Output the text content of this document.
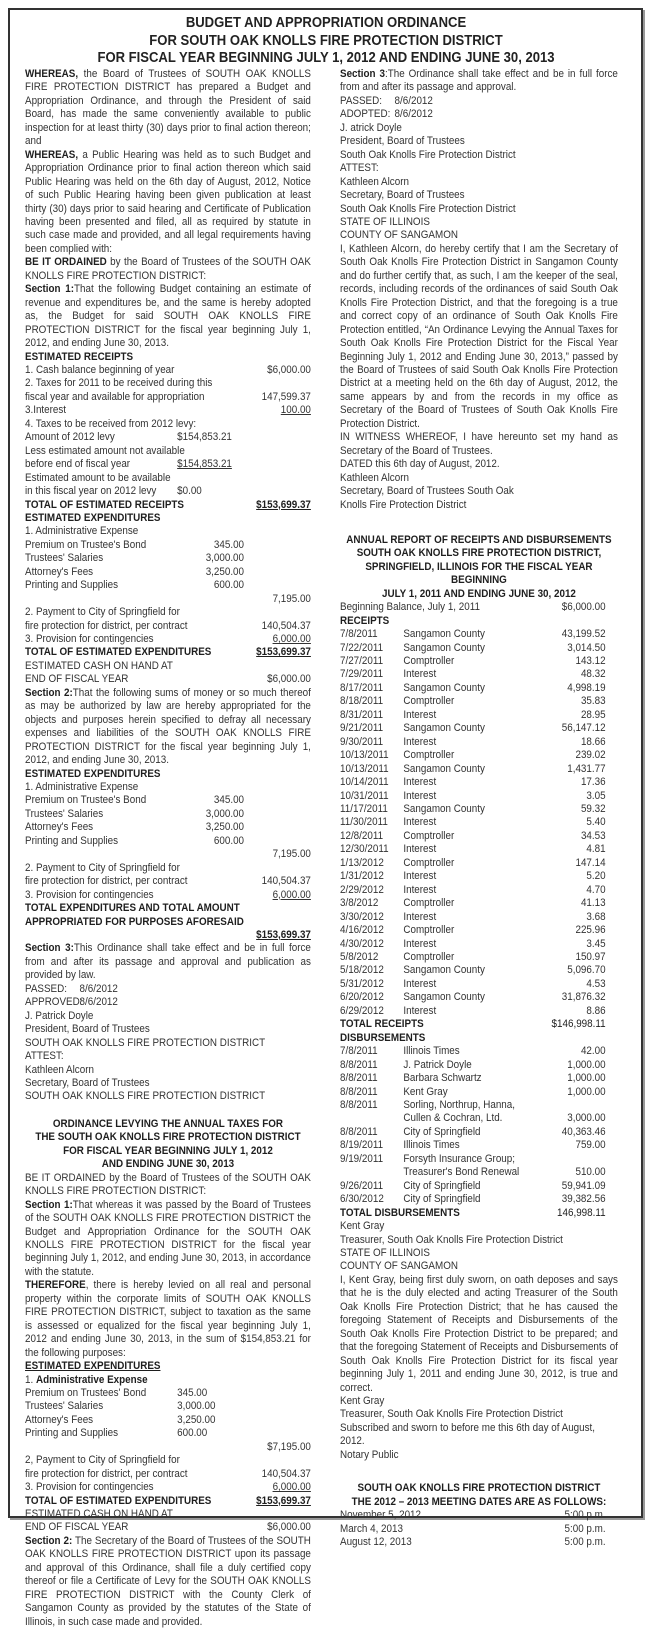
BUDGET AND APPROPRIATION ORDINANCE
FOR SOUTH OAK KNOLLS FIRE PROTECTION DISTRICT
FOR FISCAL YEAR BEGINNING JULY 1, 2012 AND ENDING JUNE 30, 2013

WHEREAS, the Board of Trustees of SOUTH OAK KNOLLS FIRE PROTECTION DISTRICT has prepared a Budget and Appropriation Ordinance, and through the President of said Board, has made the same conveniently available to public inspection for at least thirty (30) days prior to final action thereon; and

WHEREAS, a Public Hearing was held as to such Budget and Appropriation Ordinance prior to final action thereon which said Public Hearing was held on the 6th day of August, 2012, Notice of such Public Hearing having been given publication at least thirty (30) days prior to said hearing and Certificate of Publication having been presented and filed, all as required by statute in such case made and provided, and all legal requirements having been complied with:

BE IT ORDAINED by the Board of Trustees of the SOUTH OAK KNOLLS FIRE PROTECTION DISTRICT:

Section 1:That the following Budget containing an estimate of revenue and expenditures be, and the same is hereby adopted as, the Budget for said SOUTH OAK KNOLLS FIRE PROTECTION DISTRICT for the fiscal year beginning July 1, 2012, and ending June 30, 2013.

ESTIMATED RECEIPTS
1. Cash balance beginning of year	$6,000.00
2. Taxes for 2011 to be received during this
fiscal year and available for appropriation	147,599.37
3.Interest	100.00
4. Taxes to be received from 2012 levy:
Amount of 2012 levy	$154,853.21
Less estimated amount not available
before end of fiscal year	$154,853.21
Estimated amount to be available
in this fiscal year on 2012 levy	$0.00
TOTAL OF ESTIMATED RECEIPTS	$153,699.37
ESTIMATED EXPENDITURES
1. Administrative Expense
Premium on Trustee's Bond	345.00
Trustees' Salaries	3,000.00
Attorney's Fees	3,250.00
Printing and Supplies	600.00
7,195.00
2. Payment to City of Springfield for
fire protection for district, per contract	140,504.37
3. Provision for contingencies	6,000.00
TOTAL OF ESTIMATED EXPENDITURES	$153,699.37
ESTIMATED CASH ON HAND AT
END OF FISCAL YEAR	$6,000.00

Section 2:That the following sums of money or so much thereof as may be authorized by law are hereby appropriated for the objects and purposes herein specified to defray all necessary expenses and liabilities of the SOUTH OAK KNOLLS FIRE PROTECTION DISTRICT for the fiscal year beginning July 1, 2012, and ending June 30, 2013.

ESTIMATED EXPENDITURES
1. Administrative Expense
Premium on Trustee's Bond	345.00
Trustees' Salaries	3,000.00
Attorney's Fees	3,250.00
Printing and Supplies	600.00
7,195.00
2. Payment to City of Springfield for
fire protection for district, per contract	140,504.37
3. Provision for contingencies	6,000.00
TOTAL EXPENDITURES AND TOTAL AMOUNT
APPROPRIATED FOR PURPOSES AFORESAID
$153,699.37

Section 3:This Ordinance shall take effect and be in full force from and after its passage and approval and publication as provided by law.

PASSED:	8/6/2012
APPROVED:
8/6/2012
J. Patrick Doyle
President, Board of Trustees
SOUTH OAK KNOLLS FIRE PROTECTION DISTRICT
ATTEST:
Kathleen Alcorn
Secretary, Board of Trustees
SOUTH OAK KNOLLS FIRE PROTECTION DISTRICT
ORDINANCE LEVYING THE ANNUAL TAXES FOR
THE SOUTH OAK KNOLLS FIRE PROTECTION DISTRICT
FOR FISCAL YEAR BEGINNING JULY 1, 2012
AND ENDING JUNE 30, 2013

BE IT ORDAINED by the Board of Trustees of the SOUTH OAK KNOLLS FIRE PROTECTION DISTRICT:

Section 1:That whereas it was passed by the Board of Trustees of the SOUTH OAK KNOLLS FIRE PROTECTION DISTRICT the Budget and Appropriation Ordinance for the SOUTH OAK KNOLLS FIRE PROTECTION DISTRICT for the fiscal year beginning July 1, 2012, and ending June 30, 2013, in accordance with the statute.

THEREFORE, there is hereby levied on all real and personal property within the corporate limits of SOUTH OAK KNOLLS FIRE PROTECTION DISTRICT, subject to taxation as the same is assessed or equalized for the fiscal year beginning July 1, 2012 and ending June 30, 2013, in the sum of $154,853.21 for the following purposes:

ESTIMATED EXPENDITURES
1. Administrative Expense
Premium on Trustees' Bond	345.00
Trustees' Salaries	3,000.00
Attorney's Fees	3,250.00
Printing and Supplies	600.00
$7,195.00
2, Payment to City of Springfield for
fire protection for district, per contract	140,504.37
3. Provision for contingencies	6,000.00
TOTAL OF ESTIMATED EXPENDITURES	$153,699.37
ESTIMATED CASH ON HAND AT
END OF FISCAL YEAR	$6,000.00

Section 2: The Secretary of the Board of Trustees of the SOUTH OAK KNOLLS FIRE PROTECTION DISTRICT upon its passage and approval of this Ordinance, shall file a duly certified copy thereof or file a Certificate of Levy for the SOUTH OAK KNOLLS FIRE PROTECTION DISTRICT with the County Clerk of Sangamon County as provided by the statutes of the State of Illinois, in such case made and provided.

Section 3:The Ordinance shall take effect and be in full force from and after its passage and approval.

PASSED:	8/6/2012
ADOPTED: 8/6/2012
J. atrick Doyle
President, Board of Trustees
South Oak Knolls Fire Protection District
ATTEST:
Kathleen Alcorn
Secretary, Board of Trustees
South Oak Knolls Fire Protection District
STATE OF ILLINOIS
COUNTY OF SANGAMON

I, Kathleen Alcorn, do hereby certify that I am the Secretary of South Oak Knolls Fire Protection District in Sangamon County and do further certify that, as such, I am the keeper of the seal, records, including records of the ordinances of said South Oak Knolls Fire Protection District, and that the foregoing is a true and correct copy of an ordinance of South Oak Knolls Fire Protection entitled, “An Ordinance Levying the Annual Taxes for South Oak Knolls Fire Protection District for the Fiscal Year Beginning July 1, 2012 and Ending June 30, 2013,” passed by the Board of Trustees of said South Oak Knolls Fire Protection District at a meeting held on the 6th day of August, 2012, the same appears by and from the records in my office as Secretary of the Board of Trustees of South Oak Knolls Fire Protection District.

IN WITNESS WHEREOF, I have hereunto set my hand as Secretary of the Board of Trustees.

DATED this 6th day of August, 2012.
Kathleen Alcorn
Secretary, Board of Trustees South Oak
Knolls Fire Protection District
ANNUAL REPORT OF RECEIPTS AND DISBURSEMENTS
SOUTH OAK KNOLLS FIRE PROTECTION DISTRICT,
SPRINGFIELD, ILLINOIS FOR THE FISCAL YEAR BEGINNING
JULY 1, 2011 AND ENDING JUNE 30, 2012
Beginning Balance, July 1, 2011	$6,000.00
RECEIPTS
7/8/2011	Sangamon County	43,199.52
7/22/2011	Sangamon County	3,014.50
7/27/2011	Comptroller	143.12
7/29/2011	Interest	48.32
8/17/2011	Sangamon County	4,998.19
8/18/2011	Comptroller	35.83
8/31/2011	Interest	28.95
9/21/2011	Sangamon County	56,147.12
9/30/2011	Interest	18.66
10/13/2011	Comptroller	239.02
10/13/2011	Sangamon County	1,431.77
10/14/2011	Interest	17.36
10/31/2011	Interest	3.05
11/17/2011	Sangamon County	59.32
11/30/2011	Interest	5.40
12/8/2011	Comptroller	34.53
12/30/2011	Interest	4.81
1/13/2012	Comptroller	147.14
1/31/2012	Interest	5.20
2/29/2012	Interest	4.70
3/8/2012	Comptroller	41.13
3/30/2012	Interest	3.68
4/16/2012	Comptroller	225.96
4/30/2012	Interest	3.45
5/8/2012	Comptroller	150.97
5/18/2012	Sangamon County	5,096.70
5/31/2012	Interest	4.53
6/20/2012	Sangamon County	31,876.32
6/29/2012	Interest	8.86
TOTAL RECEIPTS	$146,998.11
DISBURSEMENTS
7/8/2011	Illinois Times	42.00
8/8/2011	J. Patrick Doyle	1,000.00
8/8/2011	Barbara Schwartz	1,000.00
8/8/2011	Kent Gray	1,000.00
8/8/2011	Sorling, Northrup, Hanna,
Cullen & Cochran, Ltd.	3,000.00
8/8/2011	City of Springfield	40,363.46
8/19/2011	Illinois Times	759.00
9/19/2011	Forsyth Insurance Group;
Treasurer's Bond Renewal	510.00
9/26/2011	City of Springfield	59,941.09
6/30/2012	City of Springfield	39,382.56
TOTAL DISBURSEMENTS	146,998.11
Kent Gray
Treasurer, South Oak Knolls Fire Protection District
STATE OF ILLINOIS
COUNTY OF SANGAMON

I, Kent Gray, being first duly sworn, on oath deposes and says that he is the duly elected and acting Treasurer of the South Oak Knolls Fire Protection District; that he has caused the foregoing Statement of Receipts and Disbursements of the South Oak Knolls Fire Protection District to be prepared; and that the foregoing Statement of Receipts and Disbursements of South Oak Knolls Fire Protection District for its fiscal year beginning July 1, 2011 and ending June 30, 2012, is true and correct.

Kent Gray
Treasurer, South Oak Knolls Fire Protection District
Subscribed and sworn to before me this 6th day of August, 2012.
Notary Public
SOUTH OAK KNOLLS FIRE PROTECTION DISTRICT
THE 2012 – 2013 MEETING DATES ARE AS FOLLOWS:
November 5, 2012	5:00 p.m.
March 4, 2013	5:00 p.m.
August 12, 2013	5:00 p.m.
